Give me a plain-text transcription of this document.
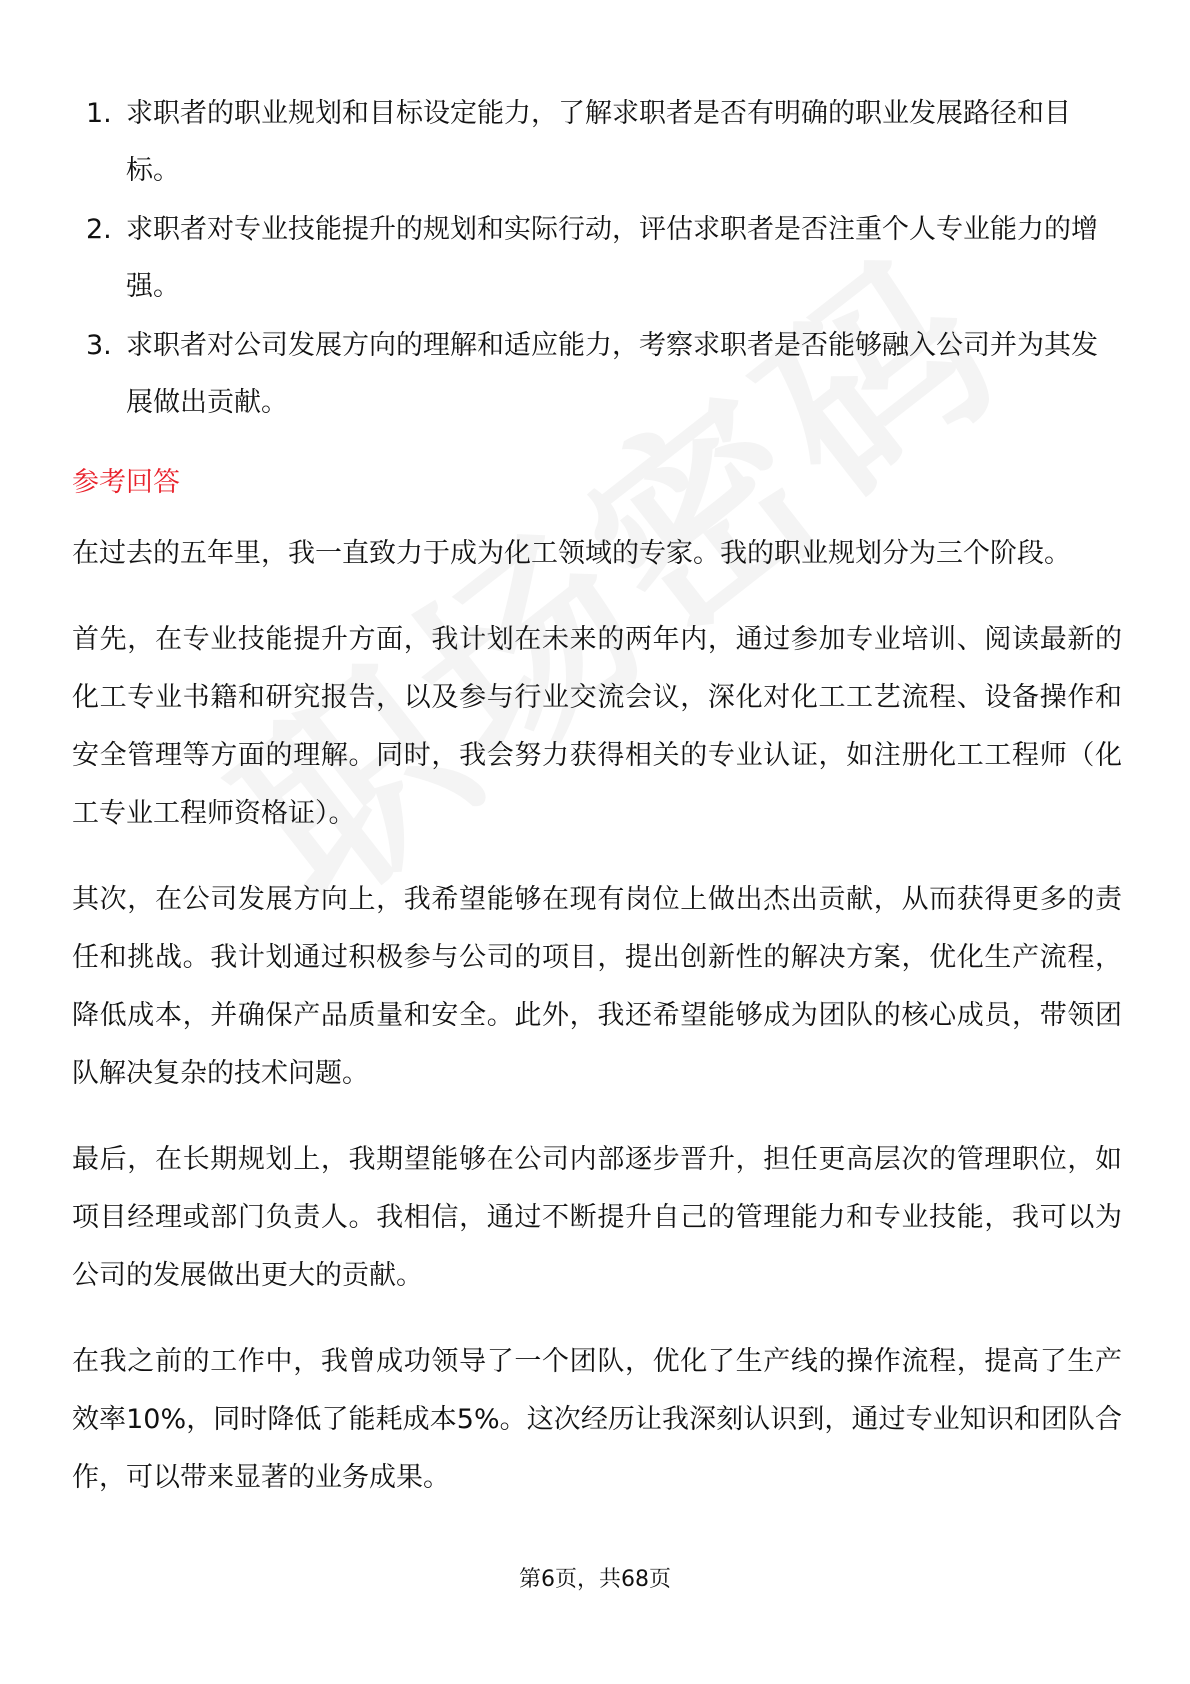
1. 求职者的职业规划和目标设定能力，了解求职者是否有明确的职业发展路径和目标。
2. 求职者对专业技能提升的规划和实际行动，评估求职者是否注重个人专业能力的增强。
3. 求职者对公司发展方向的理解和适应能力，考察求职者是否能够融入公司并为其发展做出贡献。
参考回答

在过去的五年里，我一直致力于成为化工领域的专家。我的职业规划分为三个阶段。

首先，在专业技能提升方面，我计划在未来的两年内，通过参加专业培训、阅读最新的化工专业书籍和研究报告，以及参与行业交流会议，深化对化工工艺流程、设备操作和安全管理等方面的理解。同时，我会努力获得相关的专业认证，如注册化工工程师（化工专业工程师资格证）。

其次，在公司发展方向上，我希望能够在现有岗位上做出杰出贡献，从而获得更多的责任和挑战。我计划通过积极参与公司的项目，提出创新性的解决方案，优化生产流程，降低成本，并确保产品质量和安全。此外，我还希望能够成为团队的核心成员，带领团队解决复杂的技术问题。

最后，在长期规划上，我期望能够在公司内部逐步晋升，担任更高层次的管理职位，如项目经理或部门负责人。我相信，通过不断提升自己的管理能力和专业技能，我可以为公司的发展做出更大的贡献。

在我之前的工作中，我曾成功领导了一个团队，优化了生产线的操作流程，提高了生产效率10%，同时降低了能耗成本5%。这次经历让我深刻认识到，通过专业知识和团队合作，可以带来显著的业务成果。

第6页，共68页
